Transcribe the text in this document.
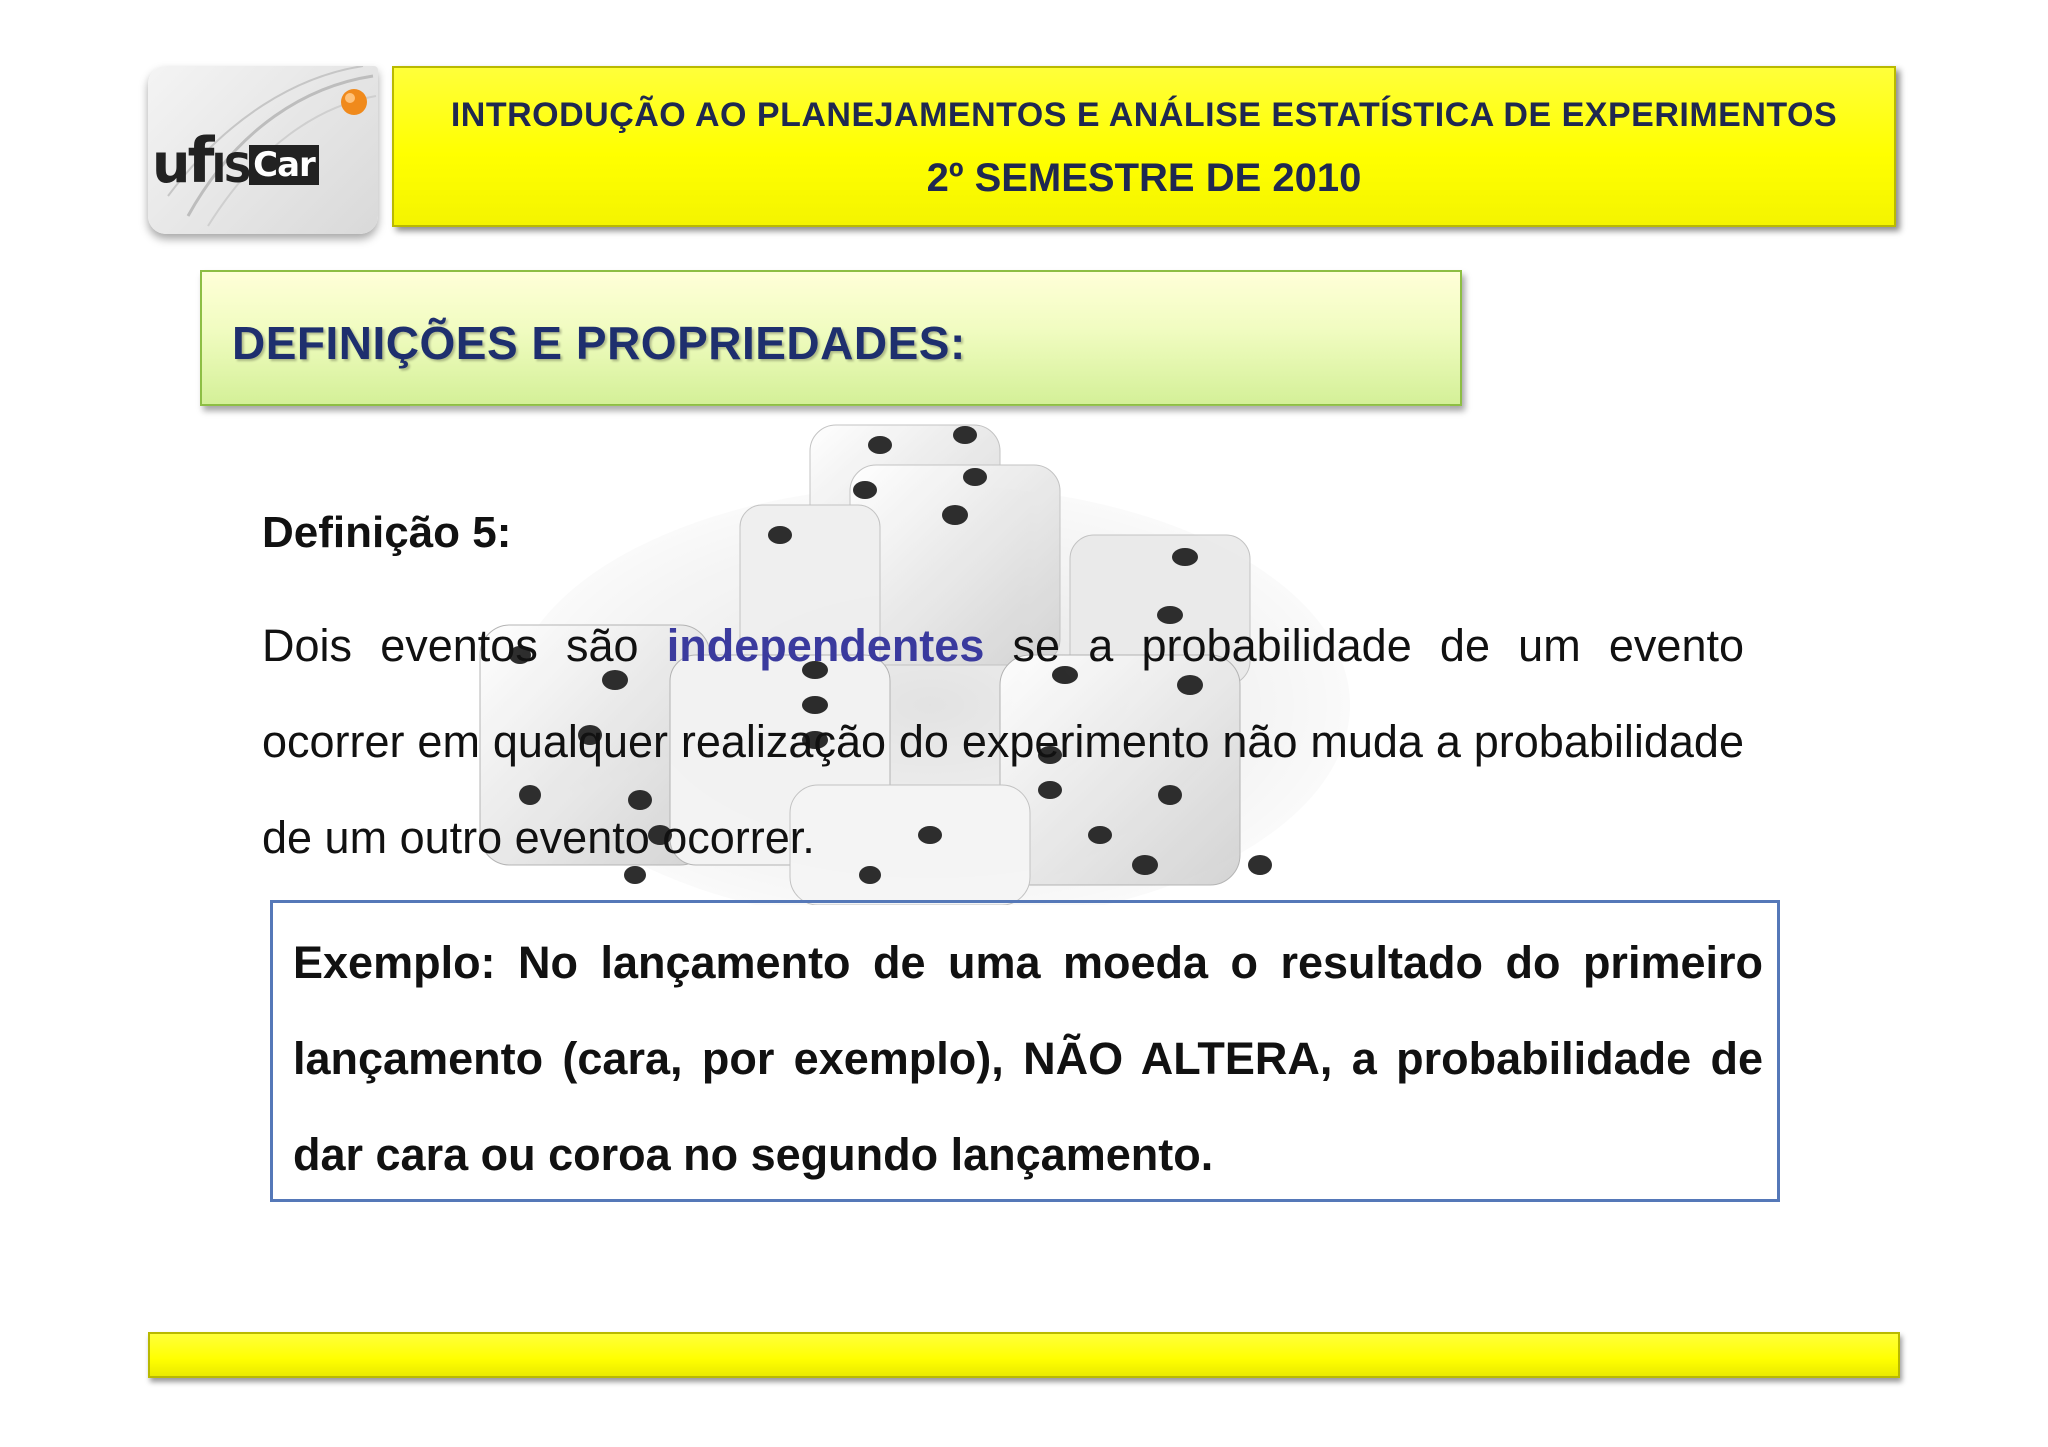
ufIS Car
INTRODUÇÃO AO PLANEJAMENTOS E ANÁLISE ESTATÍSTICA DE EXPERIMENTOS
2º SEMESTRE DE 2010
DEFINIÇÕES E PROPRIEDADES:
Definição 5:
Dois eventos são independentes se a probabilidade de um evento ocorrer em qualquer realização do experimento não muda a probabilidade de um outro evento ocorrer.
Exemplo: No lançamento de uma moeda o resultado do primeiro lançamento (cara, por exemplo), NÃO ALTERA, a probabilidade de dar cara ou coroa no segundo lançamento.
